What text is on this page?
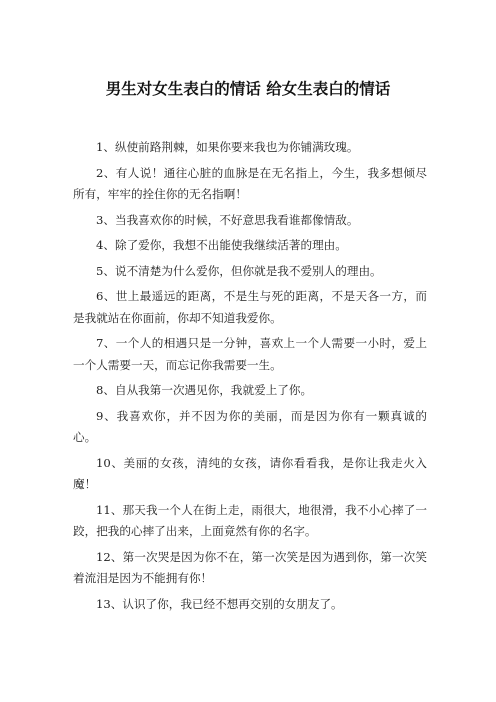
男生对女生表白的情话 给女生表白的情话

1、纵使前路荆棘，如果你要来我也为你铺满玫瑰。

2、有人说！通往心脏的血脉是在无名指上，今生，我多想倾尽所有，牢牢的拴住你的无名指啊！

3、当我喜欢你的时候，不好意思我看谁都像情敌。

4、除了爱你，我想不出能使我继续活著的理由。

5、说不清楚为什么爱你，但你就是我不爱别人的理由。

6、世上最遥远的距离，不是生与死的距离，不是天各一方，而是我就站在你面前，你却不知道我爱你。

7、一个人的相遇只是一分钟，喜欢上一个人需要一小时，爱上一个人需要一天，而忘记你我需要一生。

8、自从我第一次遇见你，我就爱上了你。

9、我喜欢你，并不因为你的美丽，而是因为你有一颗真诚的心。

10、美丽的女孩，清纯的女孩，请你看看我，是你让我走火入魔！

11、那天我一个人在街上走，雨很大，地很滑，我不小心摔了一跤，把我的心摔了出来，上面竟然有你的名字。

12、第一次哭是因为你不在，第一次笑是因为遇到你，第一次笑着流泪是因为不能拥有你！

13、认识了你，我已经不想再交别的女朋友了。
